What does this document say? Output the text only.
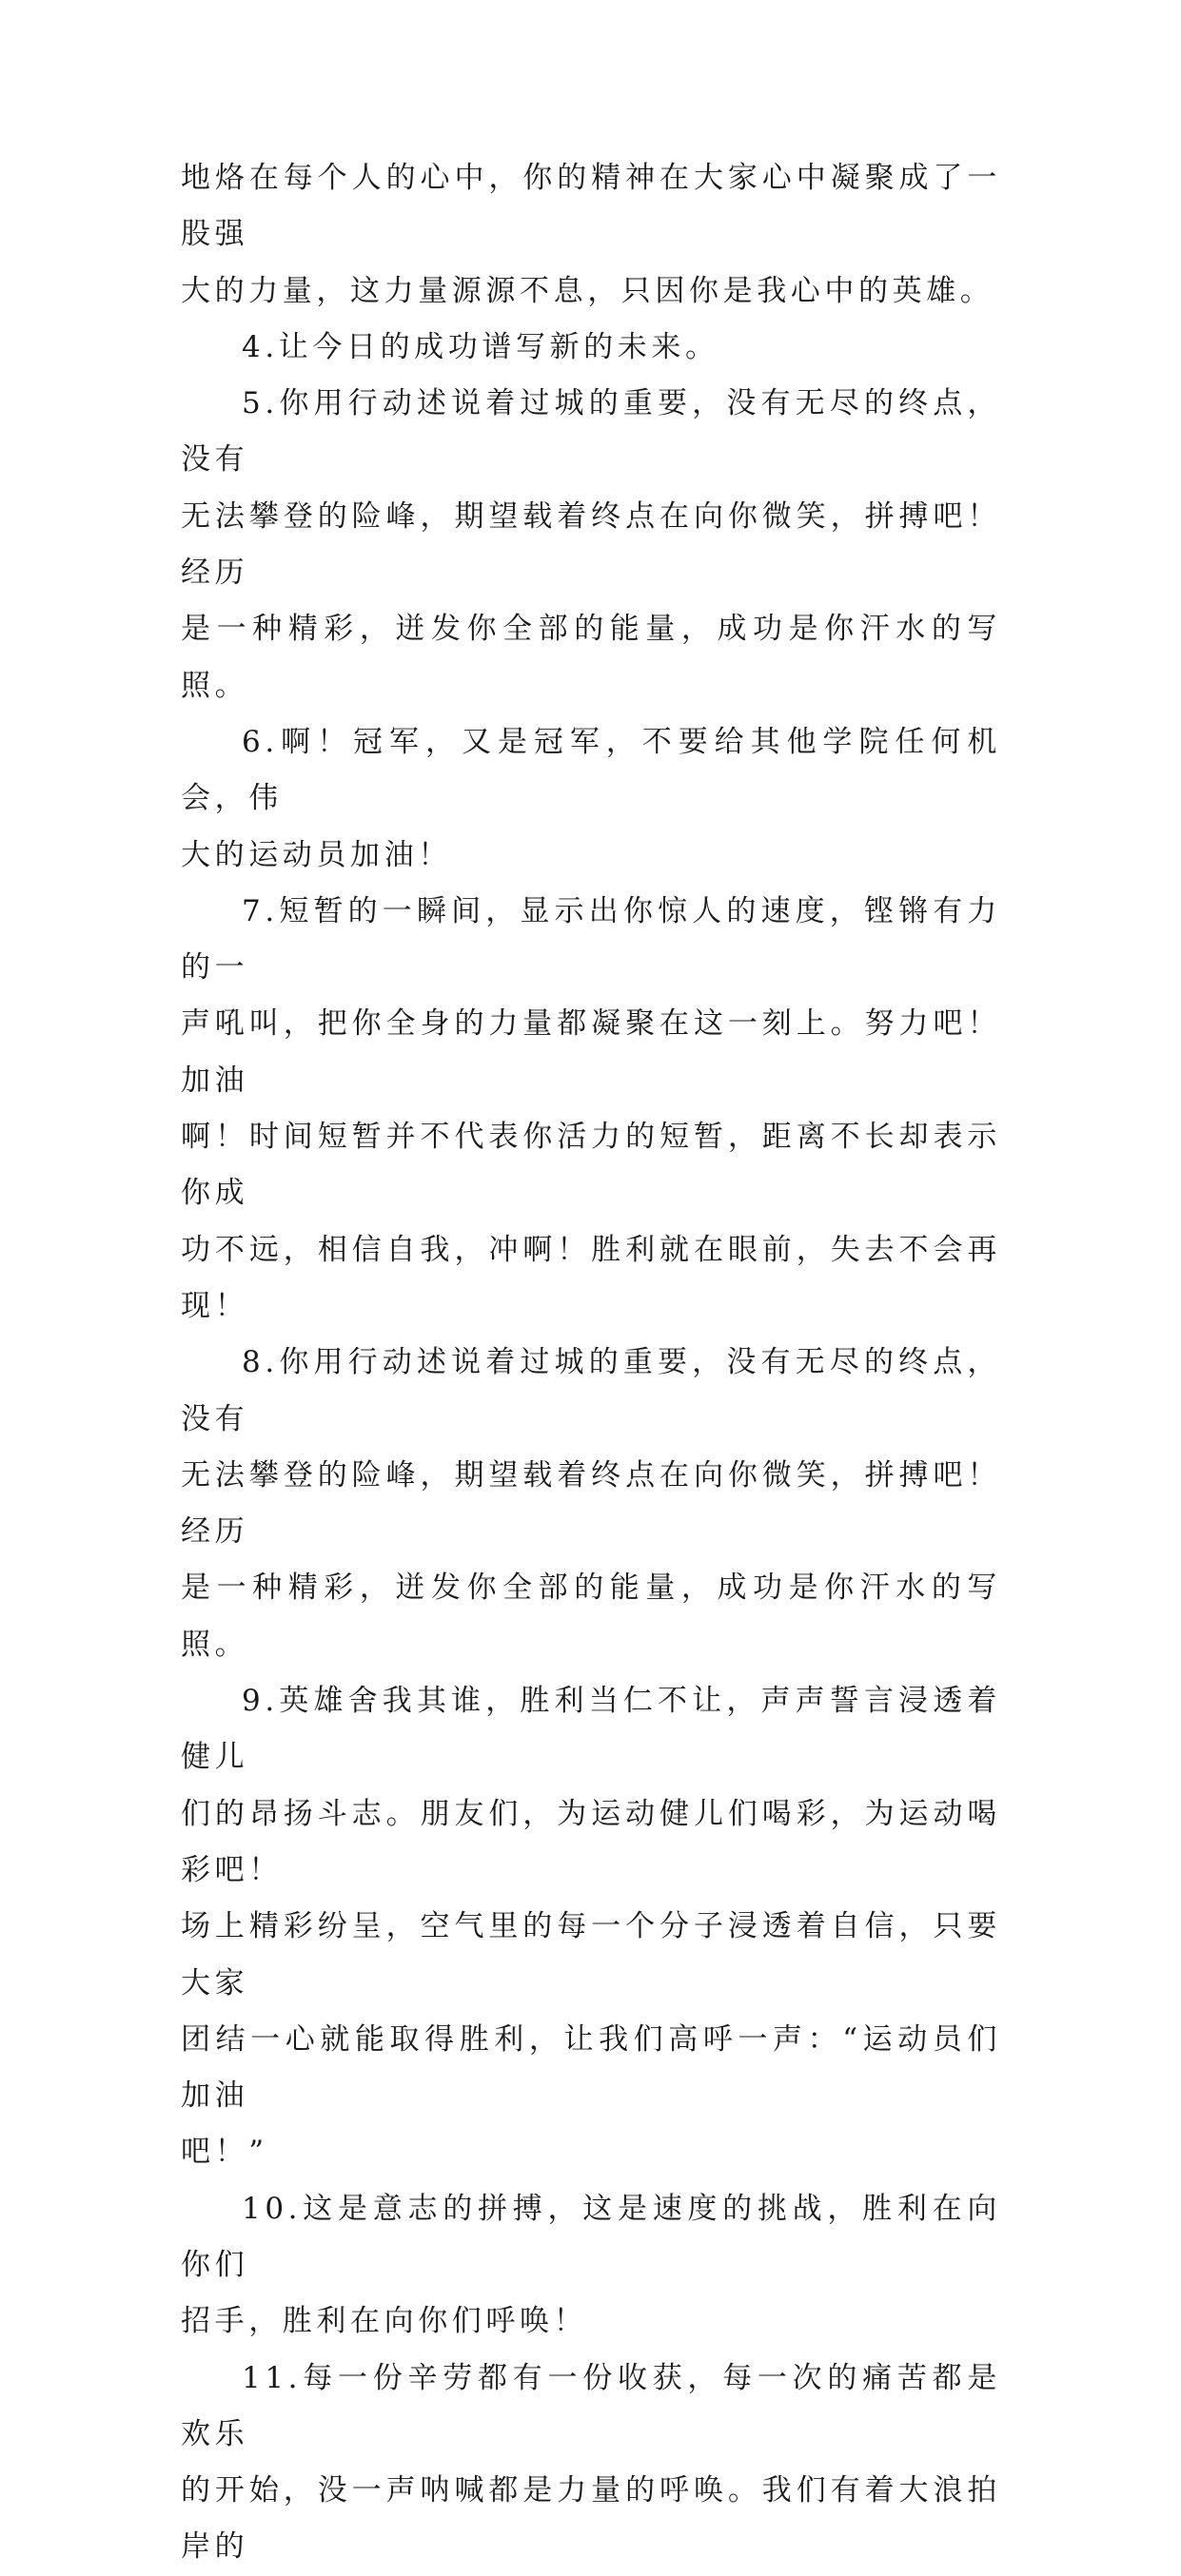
地烙在每个人的心中，你的精神在大家心中凝聚成了一股强
大的力量，这力量源源不息，只因你是我心中的英雄。

4.让今日的成功谱写新的未来。

5.你用行动述说着过城的重要，没有无尽的终点，没有
无法攀登的险峰，期望载着终点在向你微笑，拼搏吧！经历
是一种精彩，迸发你全部的能量，成功是你汗水的写照。

6.啊！冠军，又是冠军，不要给其他学院任何机会，伟
大的运动员加油！

7.短暂的一瞬间，显示出你惊人的速度，铿锵有力的一
声吼叫，把你全身的力量都凝聚在这一刻上。努力吧！加油
啊！时间短暂并不代表你活力的短暂，距离不长却表示你成
功不远，相信自我，冲啊！胜利就在眼前，失去不会再现！

8.你用行动述说着过城的重要，没有无尽的终点，没有
无法攀登的险峰，期望载着终点在向你微笑，拼搏吧！经历
是一种精彩，迸发你全部的能量，成功是你汗水的写照。

9.英雄舍我其谁，胜利当仁不让，声声誓言浸透着健儿
们的昂扬斗志。朋友们，为运动健儿们喝彩，为运动喝彩吧！
场上精彩纷呈，空气里的每一个分子浸透着自信，只要大家
团结一心就能取得胜利，让我们高呼一声：“运动员们加油
吧！”

10.这是意志的拼搏，这是速度的挑战，胜利在向你们
招手，胜利在向你们呼唤！

11.每一份辛劳都有一份收获，每一次的痛苦都是欢乐
的开始，没一声呐喊都是力量的呼唤。我们有着大浪拍岸的
